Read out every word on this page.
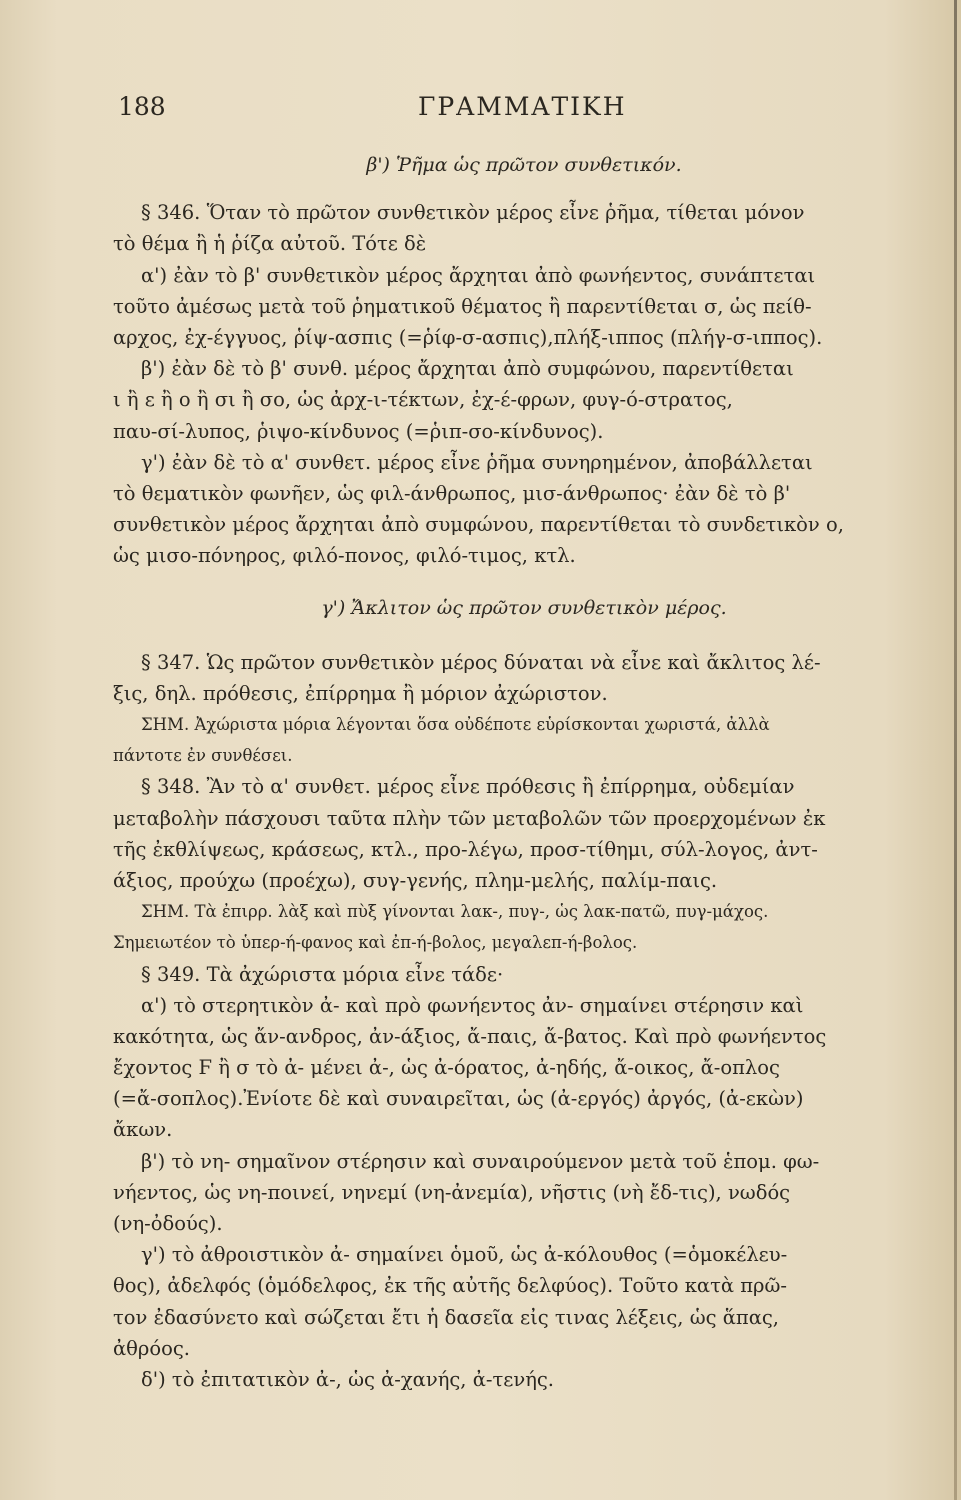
188	ΓΡΑΜΜΑΤΙΚΗ
β') Ῥῆμα ὡς πρῶτον συνθετικόν.
§ 346. Ὅταν τὸ πρῶτον συνθετικὸν μέρος εἶνε ῥῆμα, τίθεται μόνον
τὸ θέμα ἢ ἡ ῥίζα αὐτοῦ. Τότε δὲ
α') ἐὰν τὸ β' συνθετικὸν μέρος ἄρχηται ἀπὸ φωνήεντος, συνάπτεται
τοῦτο ἀμέσως μετὰ τοῦ ῥηματικοῦ θέματος ἢ παρεντίθεται σ, ὡς πείθ-
αρχος, ἐχ-έγγυος, ῥίψ-ασπις (=ῥίφ-σ-ασπις),πλήξ-ιππος (πλήγ-σ-ιππος).
β') ἐὰν δὲ τὸ β' συνθ. μέρος ἄρχηται ἀπὸ συμφώνου, παρεντίθεται
ι ἢ ε ἢ ο ἢ σι ἢ σο, ὡς ἀρχ-ι-τέκτων, ἐχ-έ-φρων, φυγ-ό-στρατος,
παυ-σί-λυπος, ῥιψο-κίνδυνος (=ῥιπ-σο-κίνδυνος).
γ') ἐὰν δὲ τὸ α' συνθετ. μέρος εἶνε ῥῆμα συνηρημένον, ἀποβάλλεται
τὸ θεματικὸν φωνῆεν, ὡς φιλ-άνθρωπος, μισ-άνθρωπος· ἐὰν δὲ τὸ β'
συνθετικὸν μέρος ἄρχηται ἀπὸ συμφώνου, παρεντίθεται τὸ συνδετικὸν ο,
ὡς μισο-πόνηρος, φιλό-πονος, φιλό-τιμος, κτλ.
γ') Ἄκλιτον ὡς πρῶτον συνθετικὸν μέρος.
§ 347. Ὡς πρῶτον συνθετικὸν μέρος δύναται νὰ εἶνε καὶ ἄκλιτος λέ-
ξις, δηλ. πρόθεσις, ἐπίρρημα ἢ μόριον ἀχώριστον.
ΣΗΜ. Ἀχώριστα μόρια λέγονται ὅσα οὐδέποτε εὑρίσκονται χωριστά, ἀλλὰ
πάντοτε ἐν συνθέσει.
§ 348. Ἂν τὸ α' συνθετ. μέρος εἶνε πρόθεσις ἢ ἐπίρρημα, οὐδεμίαν
μεταβολὴν πάσχουσι ταῦτα πλὴν τῶν μεταβολῶν τῶν προερχομένων ἐκ
τῆς ἐκθλίψεως, κράσεως, κτλ., προ-λέγω, προσ-τίθημι, σύλ-λογος, ἀντ-
άξιος, προύχω (προέχω), συγ-γενής, πλημ-μελής, παλίμ-παις.
ΣΗΜ. Τὰ ἐπιρρ. λὰξ καὶ πὺξ γίνονται λακ-, πυγ-, ὡς λακ-πατῶ, πυγ-μάχος.
Σημειωτέον τὸ ὑπερ-ή-φανος καὶ ἐπ-ή-βολος, μεγαλεπ-ή-βολος.
§ 349. Τὰ ἀχώριστα μόρια εἶνε τάδε·
α') τὸ στερητικὸν ἀ- καὶ πρὸ φωνήεντος ἀν- σημαίνει στέρησιν καὶ
κακότητα, ὡς ἄν-ανδρος, ἀν-άξιος, ἄ-παις, ἄ-βατος. Καὶ πρὸ φωνήεντος
ἔχοντος Ϝ ἢ σ τὸ ἀ- μένει ἀ-, ὡς ἀ-όρατος, ἀ-ηδής, ἄ-οικος, ἄ-οπλος
(=ἄ-σοπλος).Ἐνίοτε δὲ καὶ συναιρεῖται, ὡς (ἀ-εργός) ἀργός, (ἀ-εκὼν)
ἄκων.
β') τὸ νη- σημαῖνον στέρησιν καὶ συναιρούμενον μετὰ τοῦ ἑπομ. φω-
νήεντος, ὡς νη-ποινεί, νηνεμί (νη-ἀνεμία), νῆστις (νὴ ἔδ-τις), νωδός
(νη-ὀδούς).
γ') τὸ ἀθροιστικὸν ἀ- σημαίνει ὁμοῦ, ὡς ἀ-κόλουθος (=ὁμοκέλευ-
θος), ἀδελφός (ὁμόδελφος, ἐκ τῆς αὐτῆς δελφύος). Τοῦτο κατὰ πρῶ-
τον ἐδασύνετο καὶ σώζεται ἔτι ἡ δασεῖα εἰς τινας λέξεις, ὡς ἅπας,
ἀθρόος.
δ') τὸ ἐπιτατικὸν ἀ-, ὡς ἀ-χανής, ἀ-τενής.
